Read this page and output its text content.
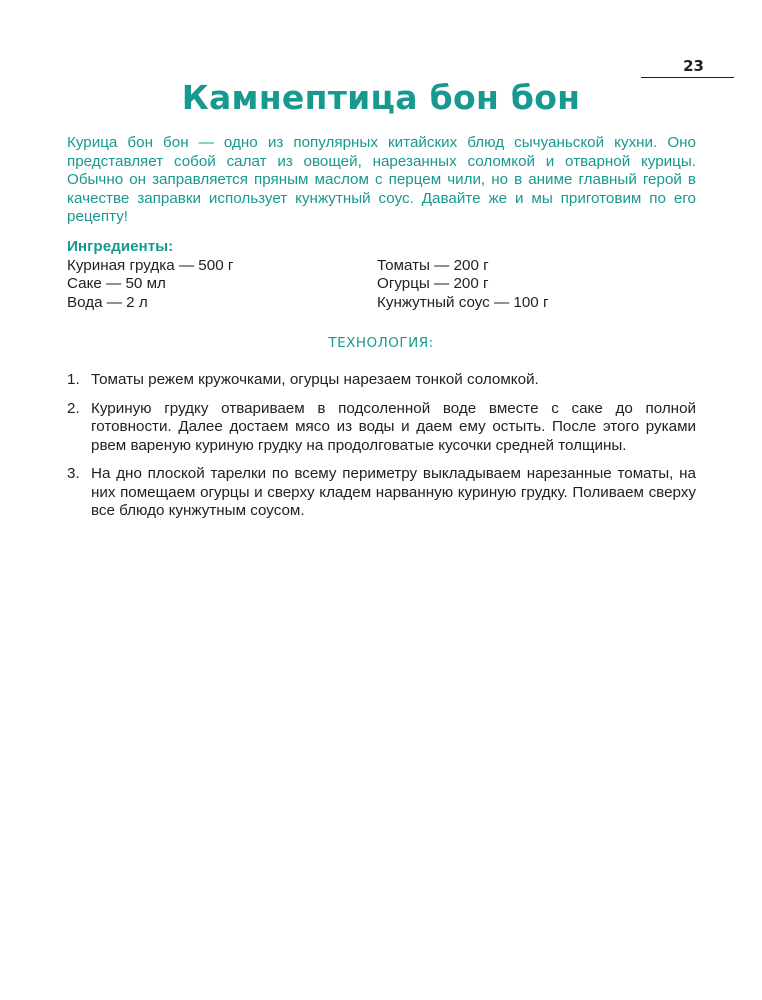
23
Камнептица бон бон

Курица бон бон — одно из популярных китайских блюд сычуаньской кухни. Оно представляет собой салат из овощей, нарезанных соломкой и отварной курицы. Обычно он заправляется пряным маслом с перцем чили, но в аниме главный герой в качестве заправки использует кунжутный соус. Давайте же и мы приготовим по его рецепту!

Ингредиенты:

Куриная грудка — 500 г

Саке — 50 мл

Вода — 2 л

Томаты — 200 г

Огурцы — 200 г

Кунжутный соус — 100 г

ТЕХНОЛОГИЯ:

1. Томаты режем кружочками, огурцы нарезаем тонкой соломкой.
2. Куриную грудку отвариваем в подсоленной воде вместе с саке до полной готовности. Далее достаем мясо из воды и даем ему остыть. После этого руками рвем вареную куриную грудку на продолговатые кусочки средней толщины.
3. На дно плоской тарелки по всему периметру выкладываем нарезанные томаты, на них помещаем огурцы и сверху кладем нарванную куриную грудку. Поливаем сверху все блюдо кунжутным соусом.
